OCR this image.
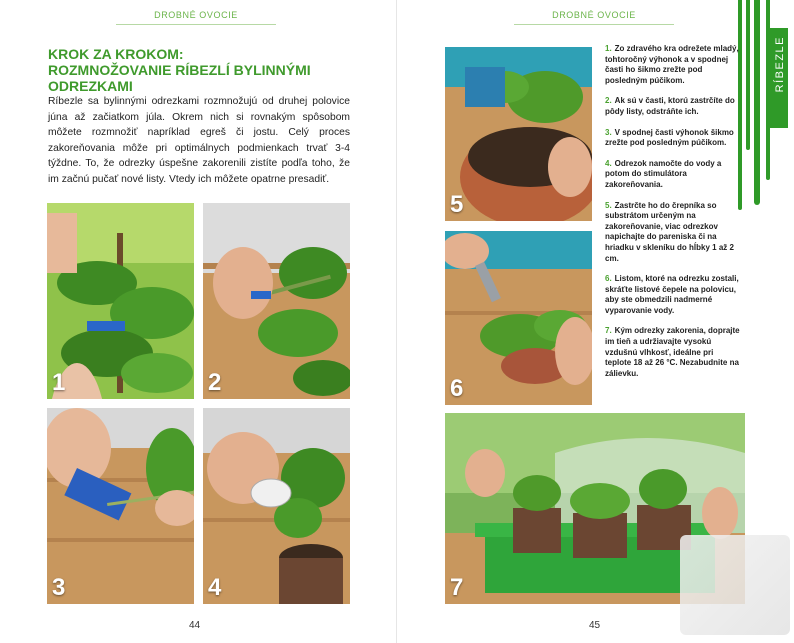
DROBNÉ OVOCIE
KROK ZA KROKOM:
ROZMNOŽOVANIE RÍBEZLÍ BYLINNÝMI ODREZKAMI
Ríbezle sa bylinnými odrezkami rozmnožujú od druhej polovice júna až začiatkom júla. Okrem nich si rovnakým spôsobom môžete rozmnožiť napríklad egreš či jostu. Celý proces zakoreňovania môže pri optimálnych podmienkach trvať 3-4 týždne. To, že odrezky úspešne zakorenili zistíte podľa toho, že im začnú pučať nové listy. Vtedy ich môžete opatrne presadiť.
1	2
3	4
44
DROBNÉ OVOCIE
RÍBEZLE
5
6
1. Zo zdravého kra odrežete mladý, tohtoročný výhonok a v spodnej časti ho šikmo zrežte pod posledným púčikom.
2. Ak sú v časti, ktorú zastrčíte do pôdy listy, odstráňte ich.
3. V spodnej časti výhonok šikmo zrežte pod posledným púčikom.
4. Odrezok namočte do vody a potom do stimulátora zakoreňovania.
5. Zastrčte ho do črepníka so substrátom určeným na zakoreňovanie, viac odrezkov napichajte do pareniska či na hriadku v skleníku do hĺbky 1 až 2 cm.
6. Listom, ktoré na odrezku zostali, skráťte listové čepele na polovicu, aby ste obmedzili nadmerné vyparovanie vody.
7. Kým odrezky zakorenia, doprajte im tieň a udržiavajte vysokú vzdušnú vlhkosť, ideálne pri teplote 18 až 26 °C. Nezabudnite na zálievku.
7
45
